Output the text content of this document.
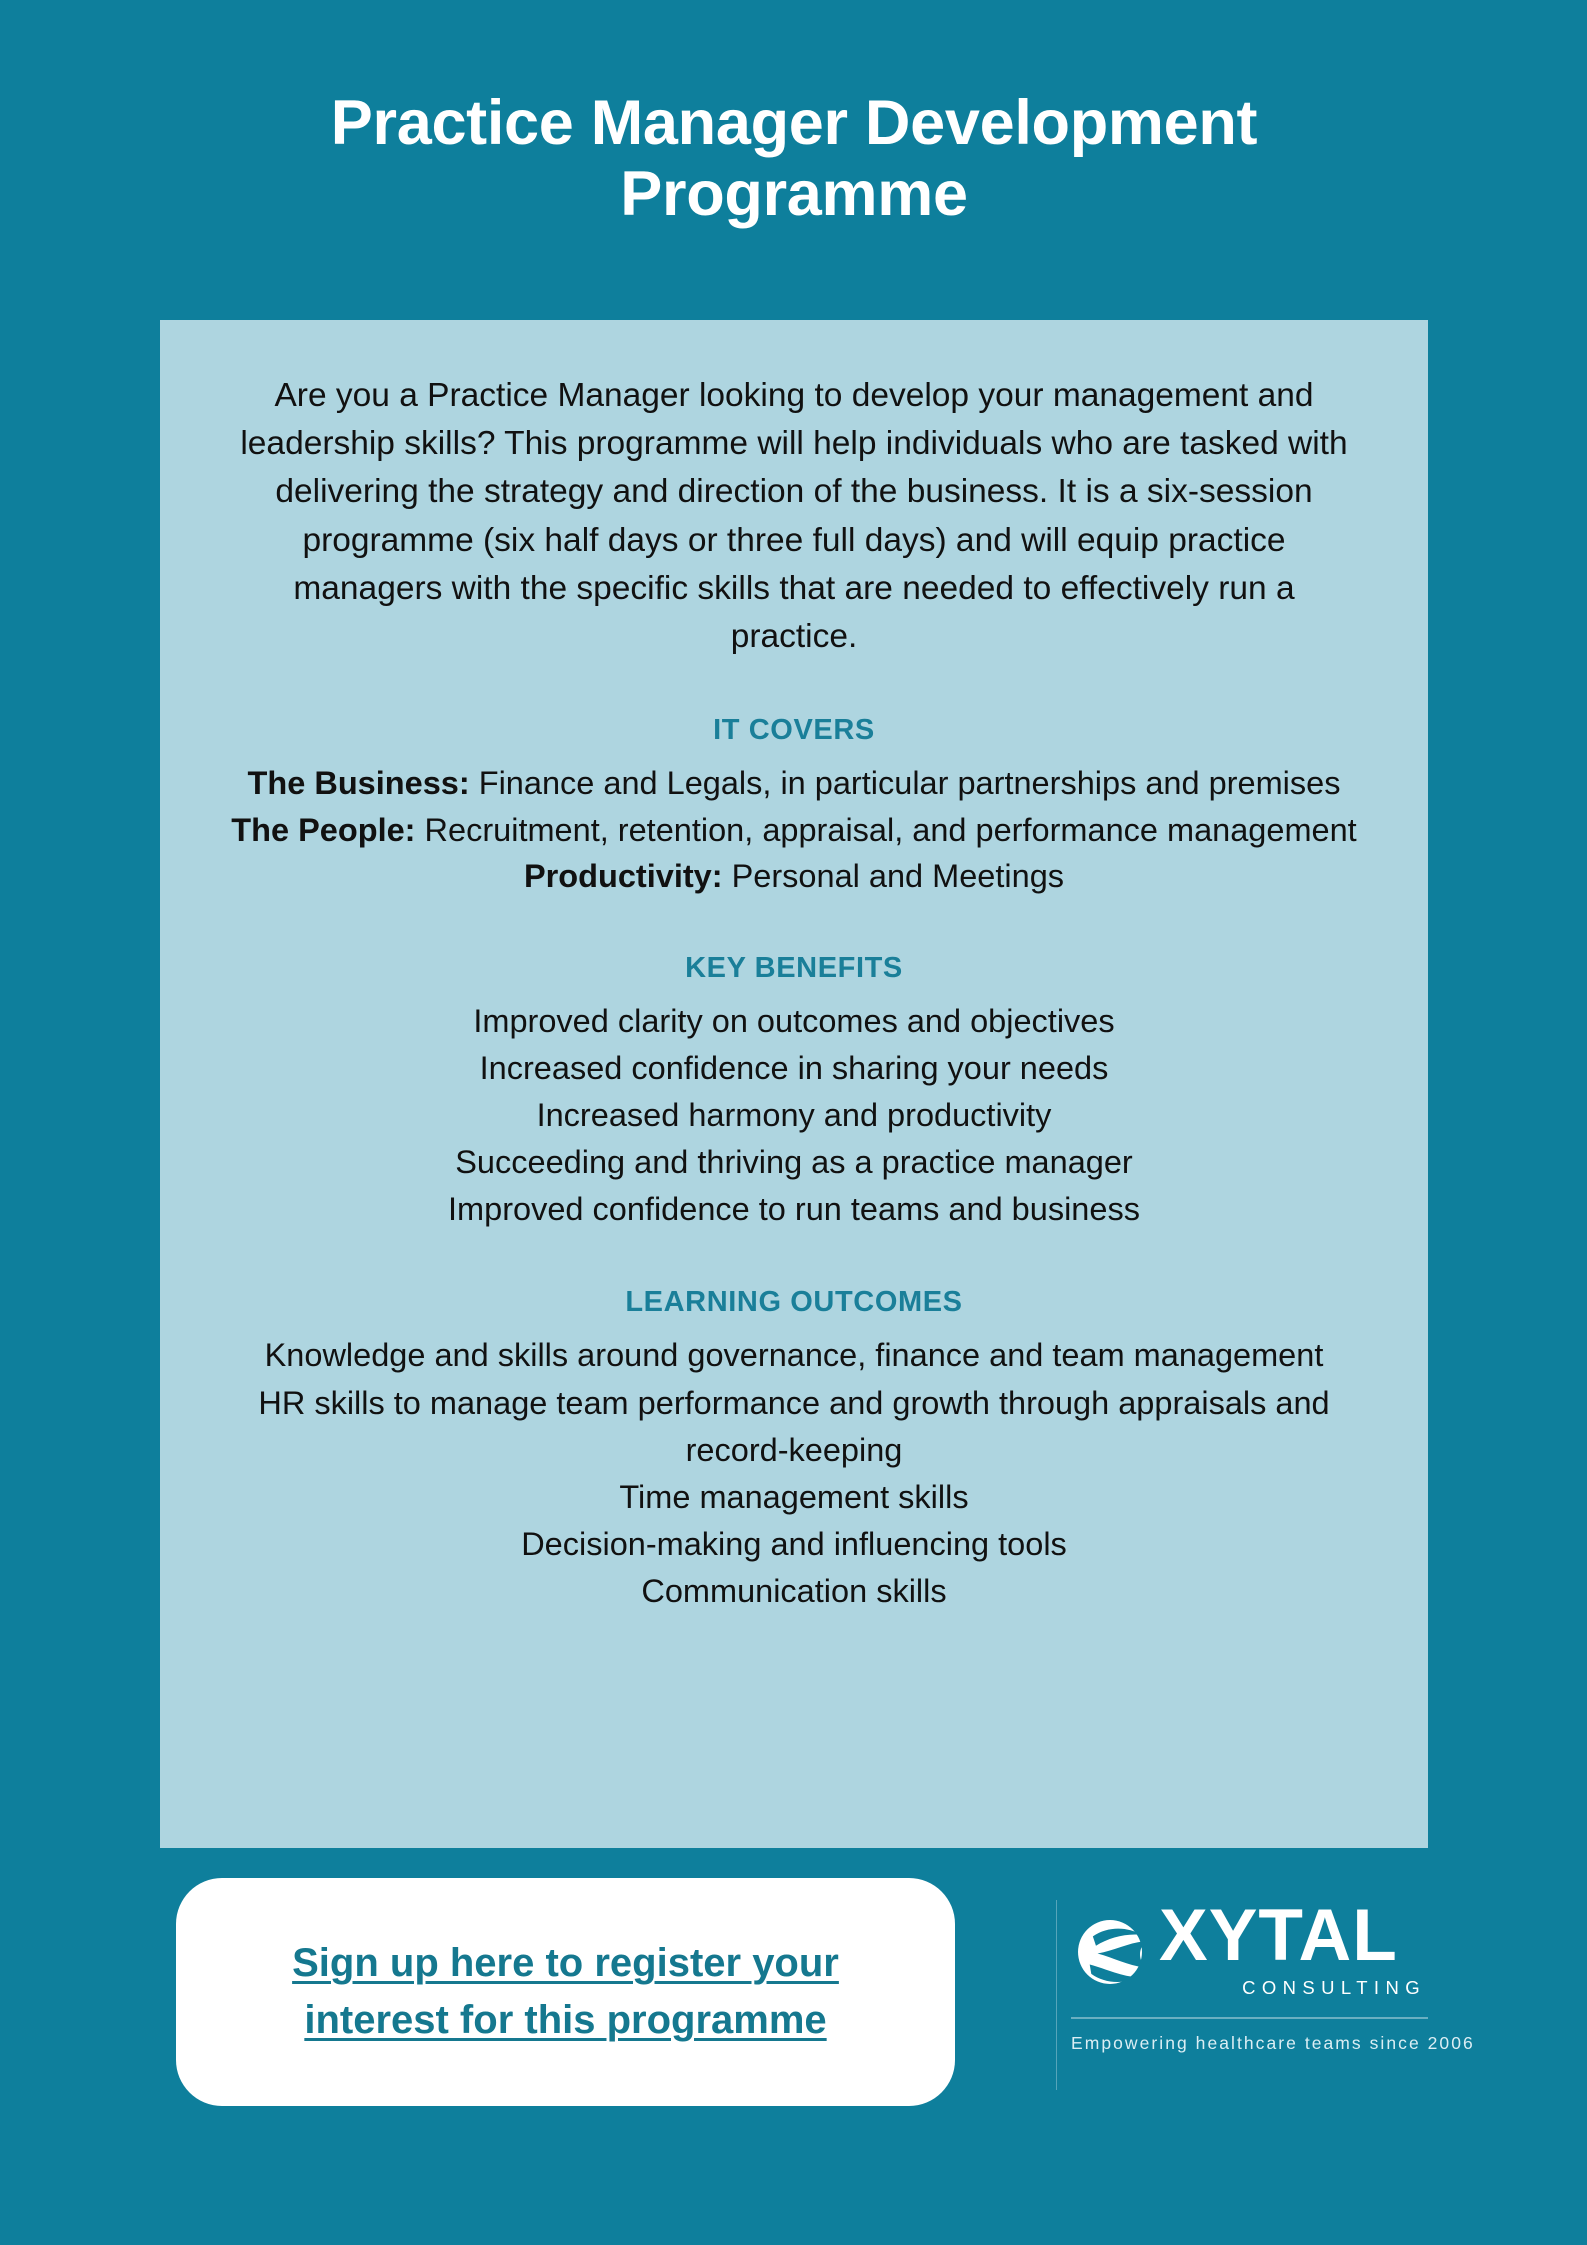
Practice Manager Development Programme

Are you a Practice Manager looking to develop your management and leadership skills? This programme will help individuals who are tasked with delivering the strategy and direction of the business. It is a six-session programme (six half days or three full days) and will equip practice managers with the specific skills that are needed to effectively run a practice.

IT COVERS
The Business: Finance and Legals, in particular partnerships and premises
The People: Recruitment, retention, appraisal, and performance management
Productivity: Personal and Meetings
KEY BENEFITS
Improved clarity on outcomes and objectives
Increased confidence in sharing your needs
Increased harmony and productivity
Succeeding and thriving as a practice manager
Improved confidence to run teams and business
LEARNING OUTCOMES
Knowledge and skills around governance, finance and team management
HR skills to manage team performance and growth through appraisals and record-keeping
Time management skills
Decision-making and influencing tools
Communication skills
Sign up here to register your interest for this programme
XYTAL
CONSULTING
Empowering healthcare teams since 2006
